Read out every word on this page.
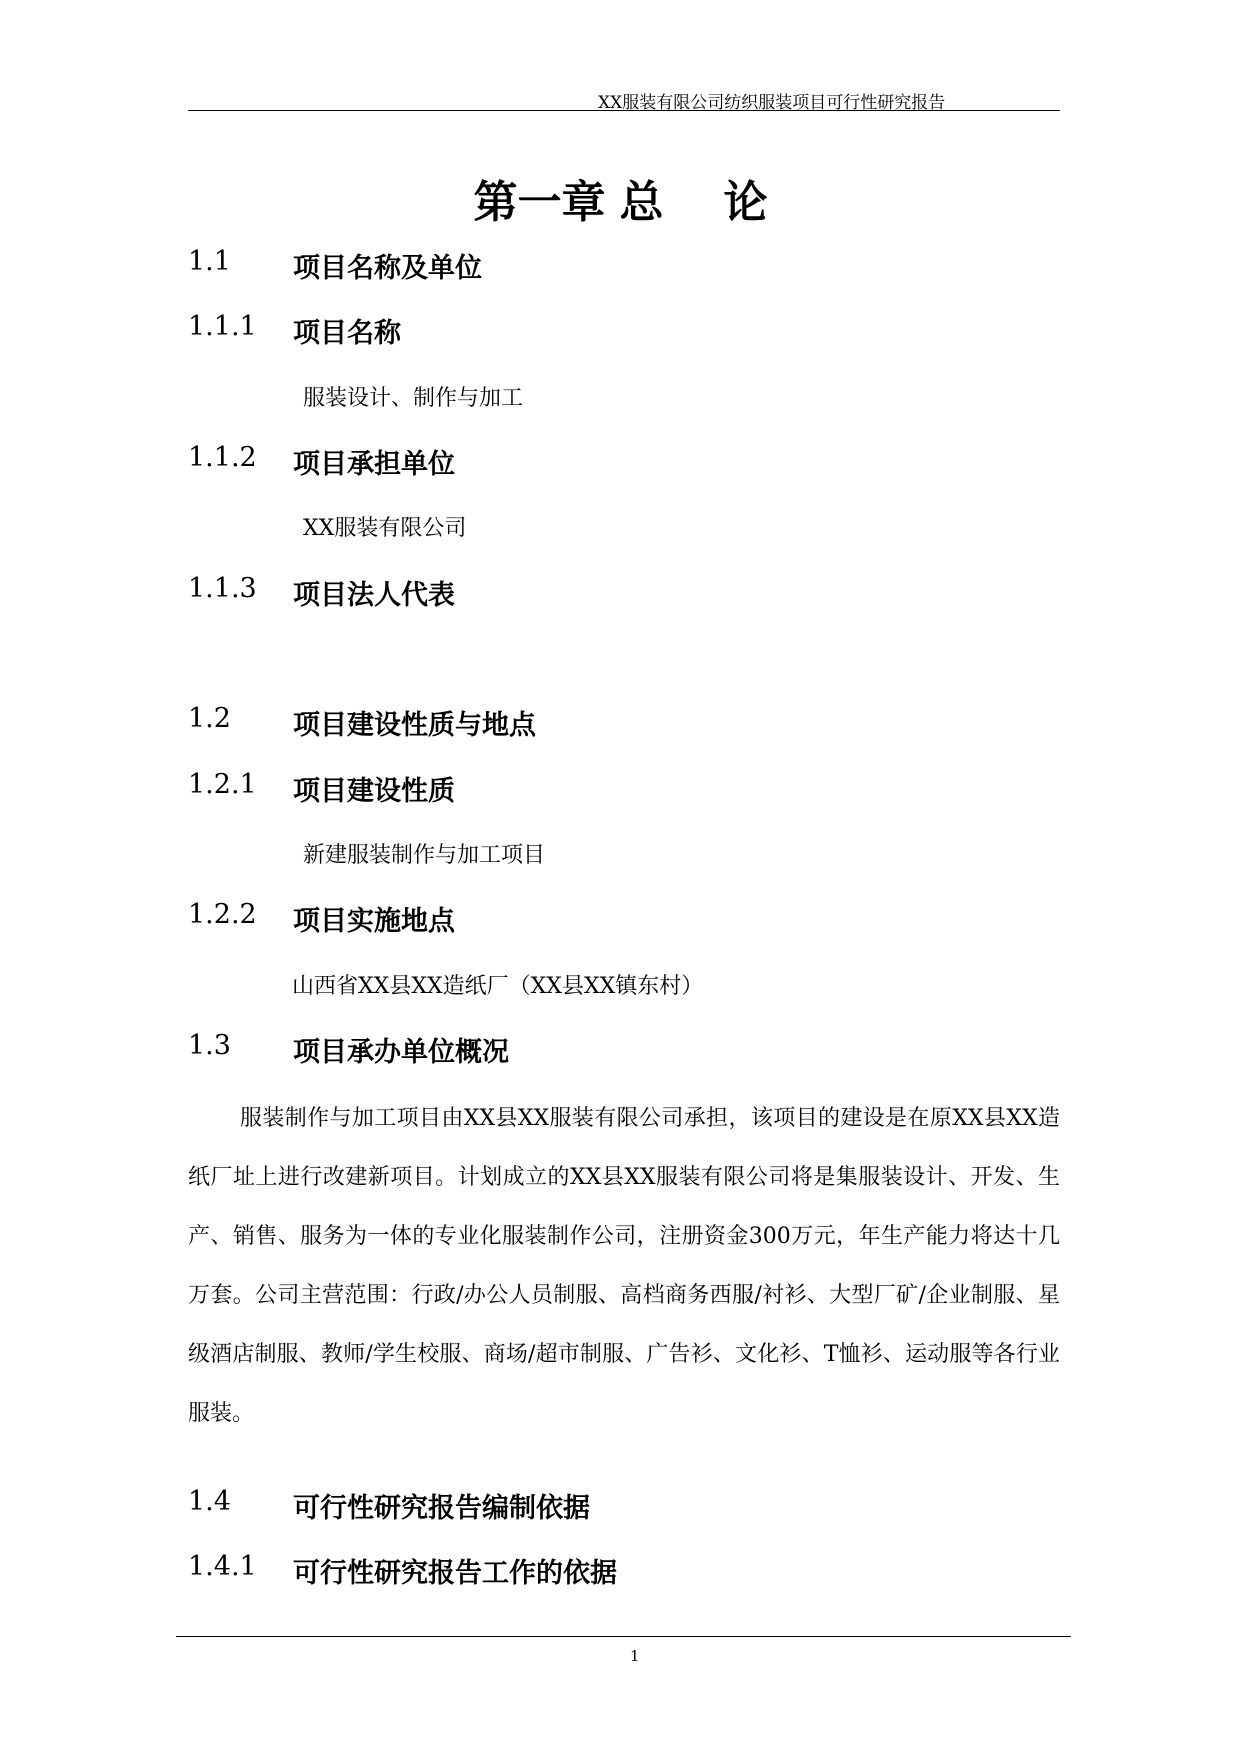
XX服装有限公司纺织服装项目可行性研究报告
第一章 总 论
1.1 项目名称及单位
1.1.1 项目名称
服装设计、制作与加工
1.1.2 项目承担单位
XX服装有限公司
1.1.3 项目法人代表
1.2 项目建设性质与地点
1.2.1 项目建设性质
新建服装制作与加工项目
1.2.2 项目实施地点
山西省XX县XX造纸厂（XX县XX镇东村）
1.3 项目承办单位概况
服装制作与加工项目由XX县XX服装有限公司承担，该项目的建设是在原XX县XX造纸厂址上进行改建新项目。计划成立的XX县XX服装有限公司将是集服装设计、开发、生产、销售、服务为一体的专业化服装制作公司，注册资金300万元，年生产能力将达十几万套。公司主营范围：行政/办公人员制服、高档商务西服/衬衫、大型厂矿/企业制服、星级酒店制服、教师/学生校服、商场/超市制服、广告衫、文化衫、T恤衫、运动服等各行业服装。
1.4 可行性研究报告编制依据
1.4.1 可行性研究报告工作的依据
1
